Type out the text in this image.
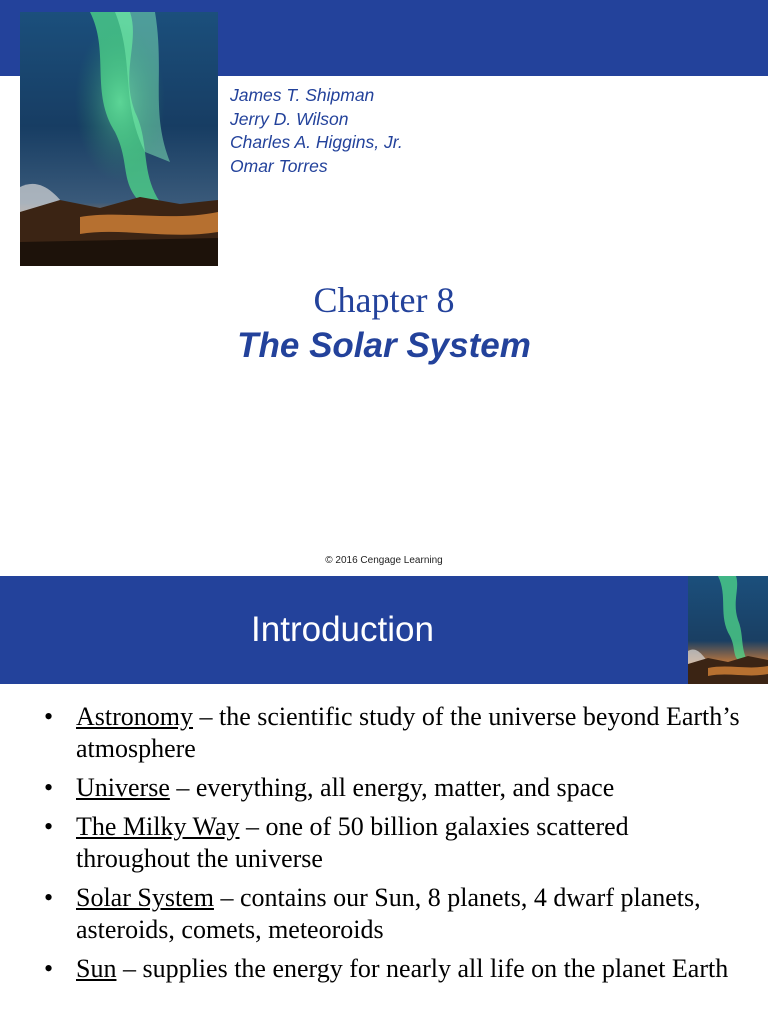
James T. Shipman
Jerry D. Wilson
Charles A. Higgins, Jr.
Omar Torres
Chapter 8
The Solar System
© 2016 Cengage Learning
Introduction
• Astronomy – the scientific study of the universe beyond Earth’s atmosphere
• Universe – everything, all energy, matter, and space
• The Milky Way – one of 50 billion galaxies scattered throughout the universe
• Solar System – contains our Sun, 8 planets, 4 dwarf planets, asteroids, comets, meteoroids
• Sun – supplies the energy for nearly all life on the planet Earth
